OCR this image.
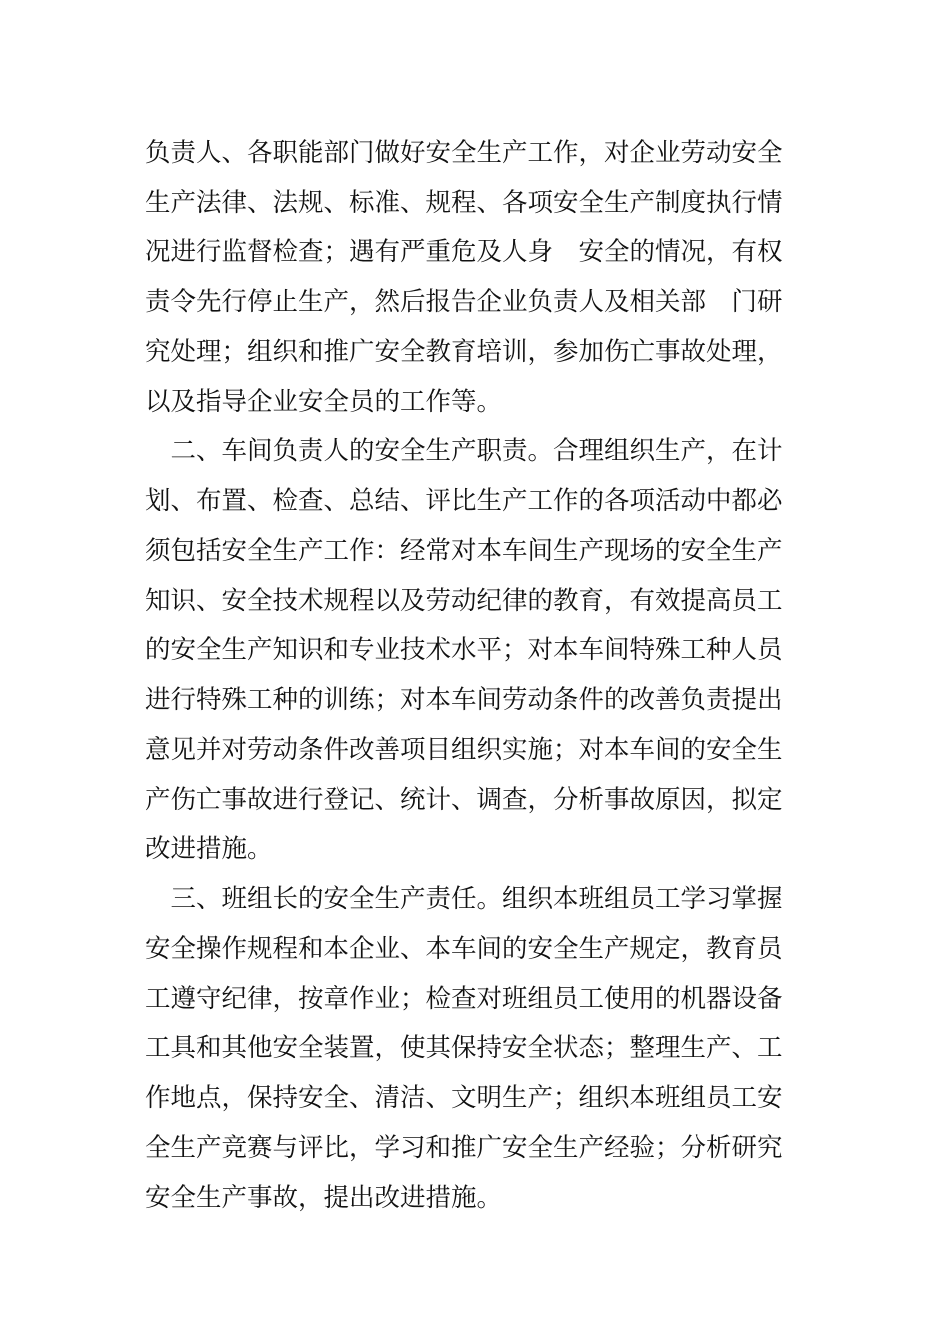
负责人、各职能部门做好安全生产工作，对企业劳动安全
生产法律、法规、标准、规程、各项安全生产制度执行情
况进行监督检查；遇有严重危及人身　安全的情况，有权
责令先行停止生产，然后报告企业负责人及相关部　门研
究处理；组织和推广安全教育培训，参加伤亡事故处理，
以及指导企业安全员的工作等。
　二、车间负责人的安全生产职责。合理组织生产，在计
划、布置、检查、总结、评比生产工作的各项活动中都必
须包括安全生产工作：经常对本车间生产现场的安全生产
知识、安全技术规程以及劳动纪律的教育，有效提高员工
的安全生产知识和专业技术水平；对本车间特殊工种人员
进行特殊工种的训练；对本车间劳动条件的改善负责提出
意见并对劳动条件改善项目组织实施；对本车间的安全生
产伤亡事故进行登记、统计、调查，分析事故原因，拟定
改进措施。
　三、班组长的安全生产责任。组织本班组员工学习掌握
安全操作规程和本企业、本车间的安全生产规定，教育员
工遵守纪律，按章作业；检查对班组员工使用的机器设备
工具和其他安全装置，使其保持安全状态；整理生产、工
作地点，保持安全、清洁、文明生产；组织本班组员工安
全生产竞赛与评比，学习和推广安全生产经验；分析研究
安全生产事故，提出改进措施。
